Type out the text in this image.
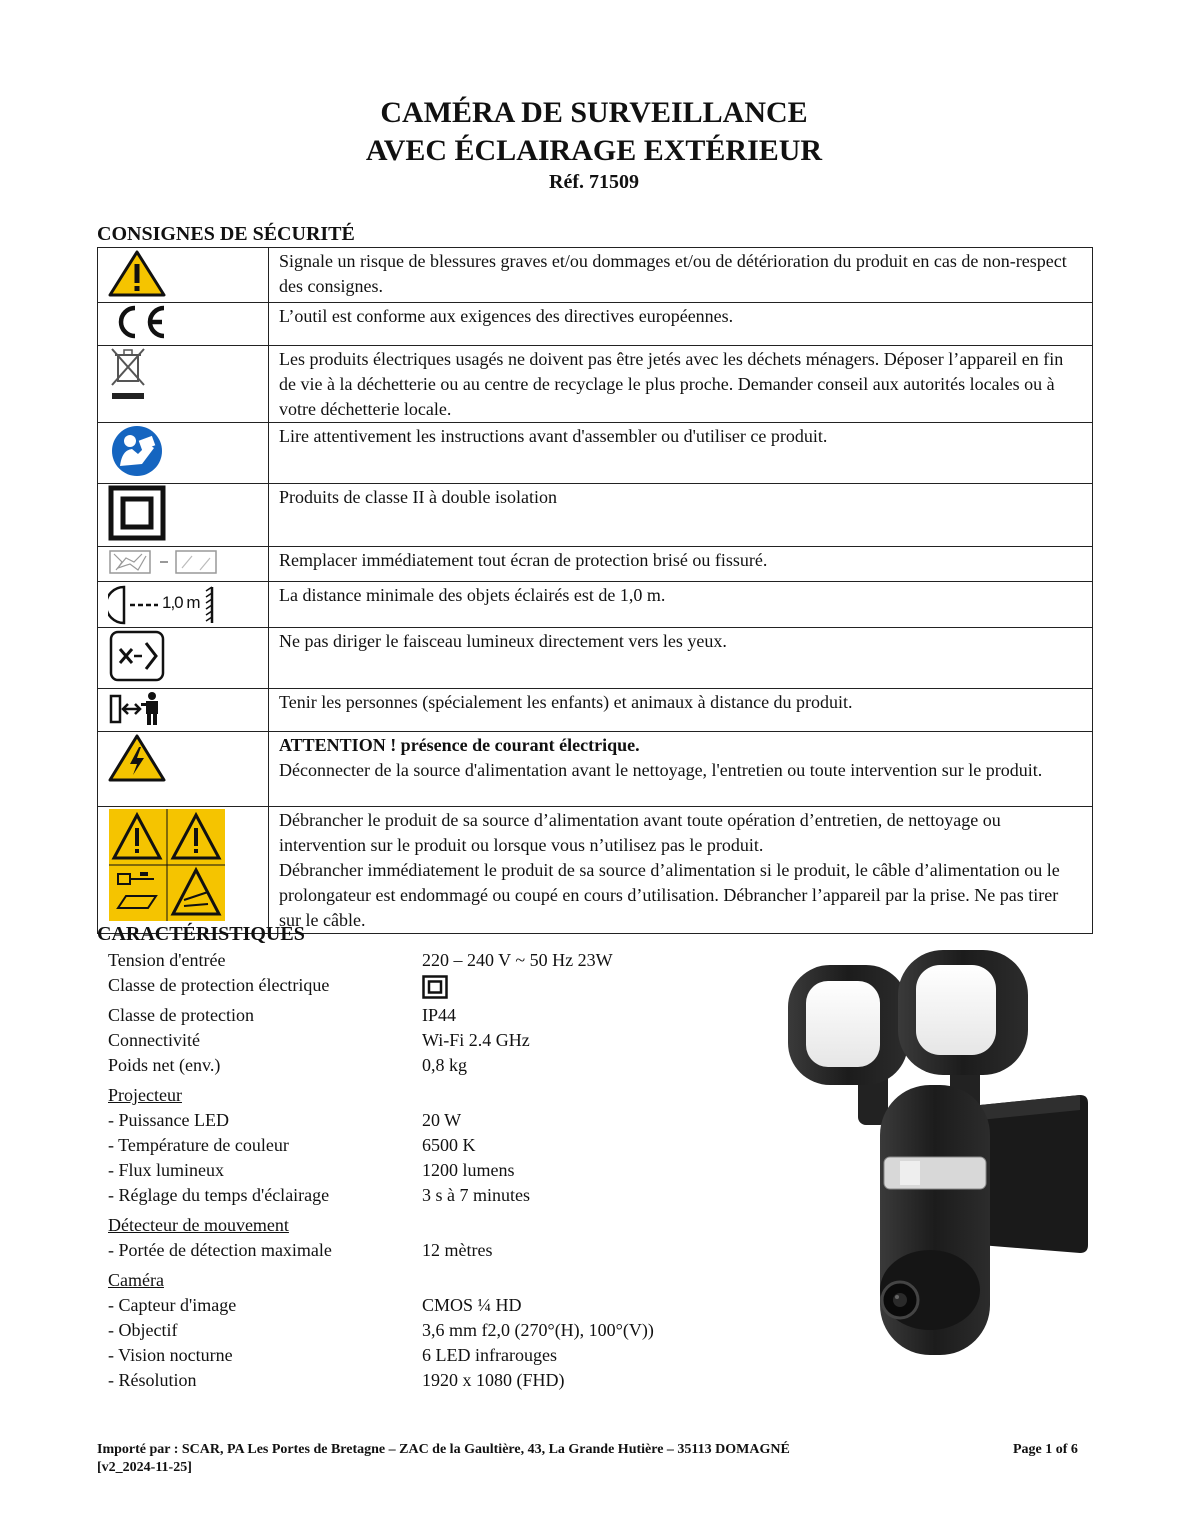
CAMÉRA DE SURVEILLANCE
AVEC ÉCLAIRAGE EXTÉRIEUR
Réf. 71509
CONSIGNES DE SÉCURITÉ
	Signale un risque de blessures graves et/ou dommages et/ou de détérioration du produit en cas de non-respect des consignes.
	L’outil est conforme aux exigences des directives européennes.
	Les produits électriques usagés ne doivent pas être jetés avec les déchets ménagers. Déposer l’appareil en fin de vie à la déchetterie ou au centre de recyclage le plus proche. Demander conseil aux autorités locales ou à votre déchetterie locale.
	Lire attentivement les instructions avant d'assembler ou d'utiliser ce produit.
	Produits de classe II à double isolation
	Remplacer immédiatement tout écran de protection brisé ou fissuré.

1,0 m	La distance minimale des objets éclairés est de 1,0 m.
	Ne pas diriger le faisceau lumineux directement vers les yeux.
	Tenir les personnes (spécialement les enfants) et animaux à distance du produit.

ATTENTION ! présence de courant électrique.
Déconnecter de la source d'alimentation avant le nettoyage, l'entretien ou toute intervention sur le produit.

Débrancher le produit de sa source d’alimentation avant toute opération d’entretien, de nettoyage ou intervention sur le produit ou lorsque vous n’utilisez pas le produit.
Débrancher immédiatement le produit de sa source d’alimentation si le produit, le câble d’alimentation ou le prolongateur est endommagé ou coupé en cours d’utilisation. Débrancher l’appareil par la prise. Ne pas tirer sur le câble.
CARACTÉRISTIQUES
Tension d'entrée	220 – 240 V ~ 50 Hz 23W
Classe de protection électrique
Classe de protection	IP44
Connectivité	Wi-Fi 2.4 GHz
Poids net (env.)	0,8 kg
Projecteur
- Puissance LED	20 W
- Température de couleur	6500 K
- Flux lumineux	1200 lumens
- Réglage du temps d'éclairage	3 s à 7 minutes
Détecteur de mouvement
- Portée de détection maximale	12 mètres
Caméra
- Capteur d'image	CMOS ¼ HD
- Objectif	3,6 mm f2,0 (270°(H), 100°(V))
- Vision nocturne	6 LED infrarouges
- Résolution	1920 x 1080 (FHD)
Importé par : SCAR, PA Les Portes de Bretagne – ZAC de la Gaultière, 43, La Grande Hutière – 35113 DOMAGNÉ	Page 1 of 6
[v2_2024-11-25]
